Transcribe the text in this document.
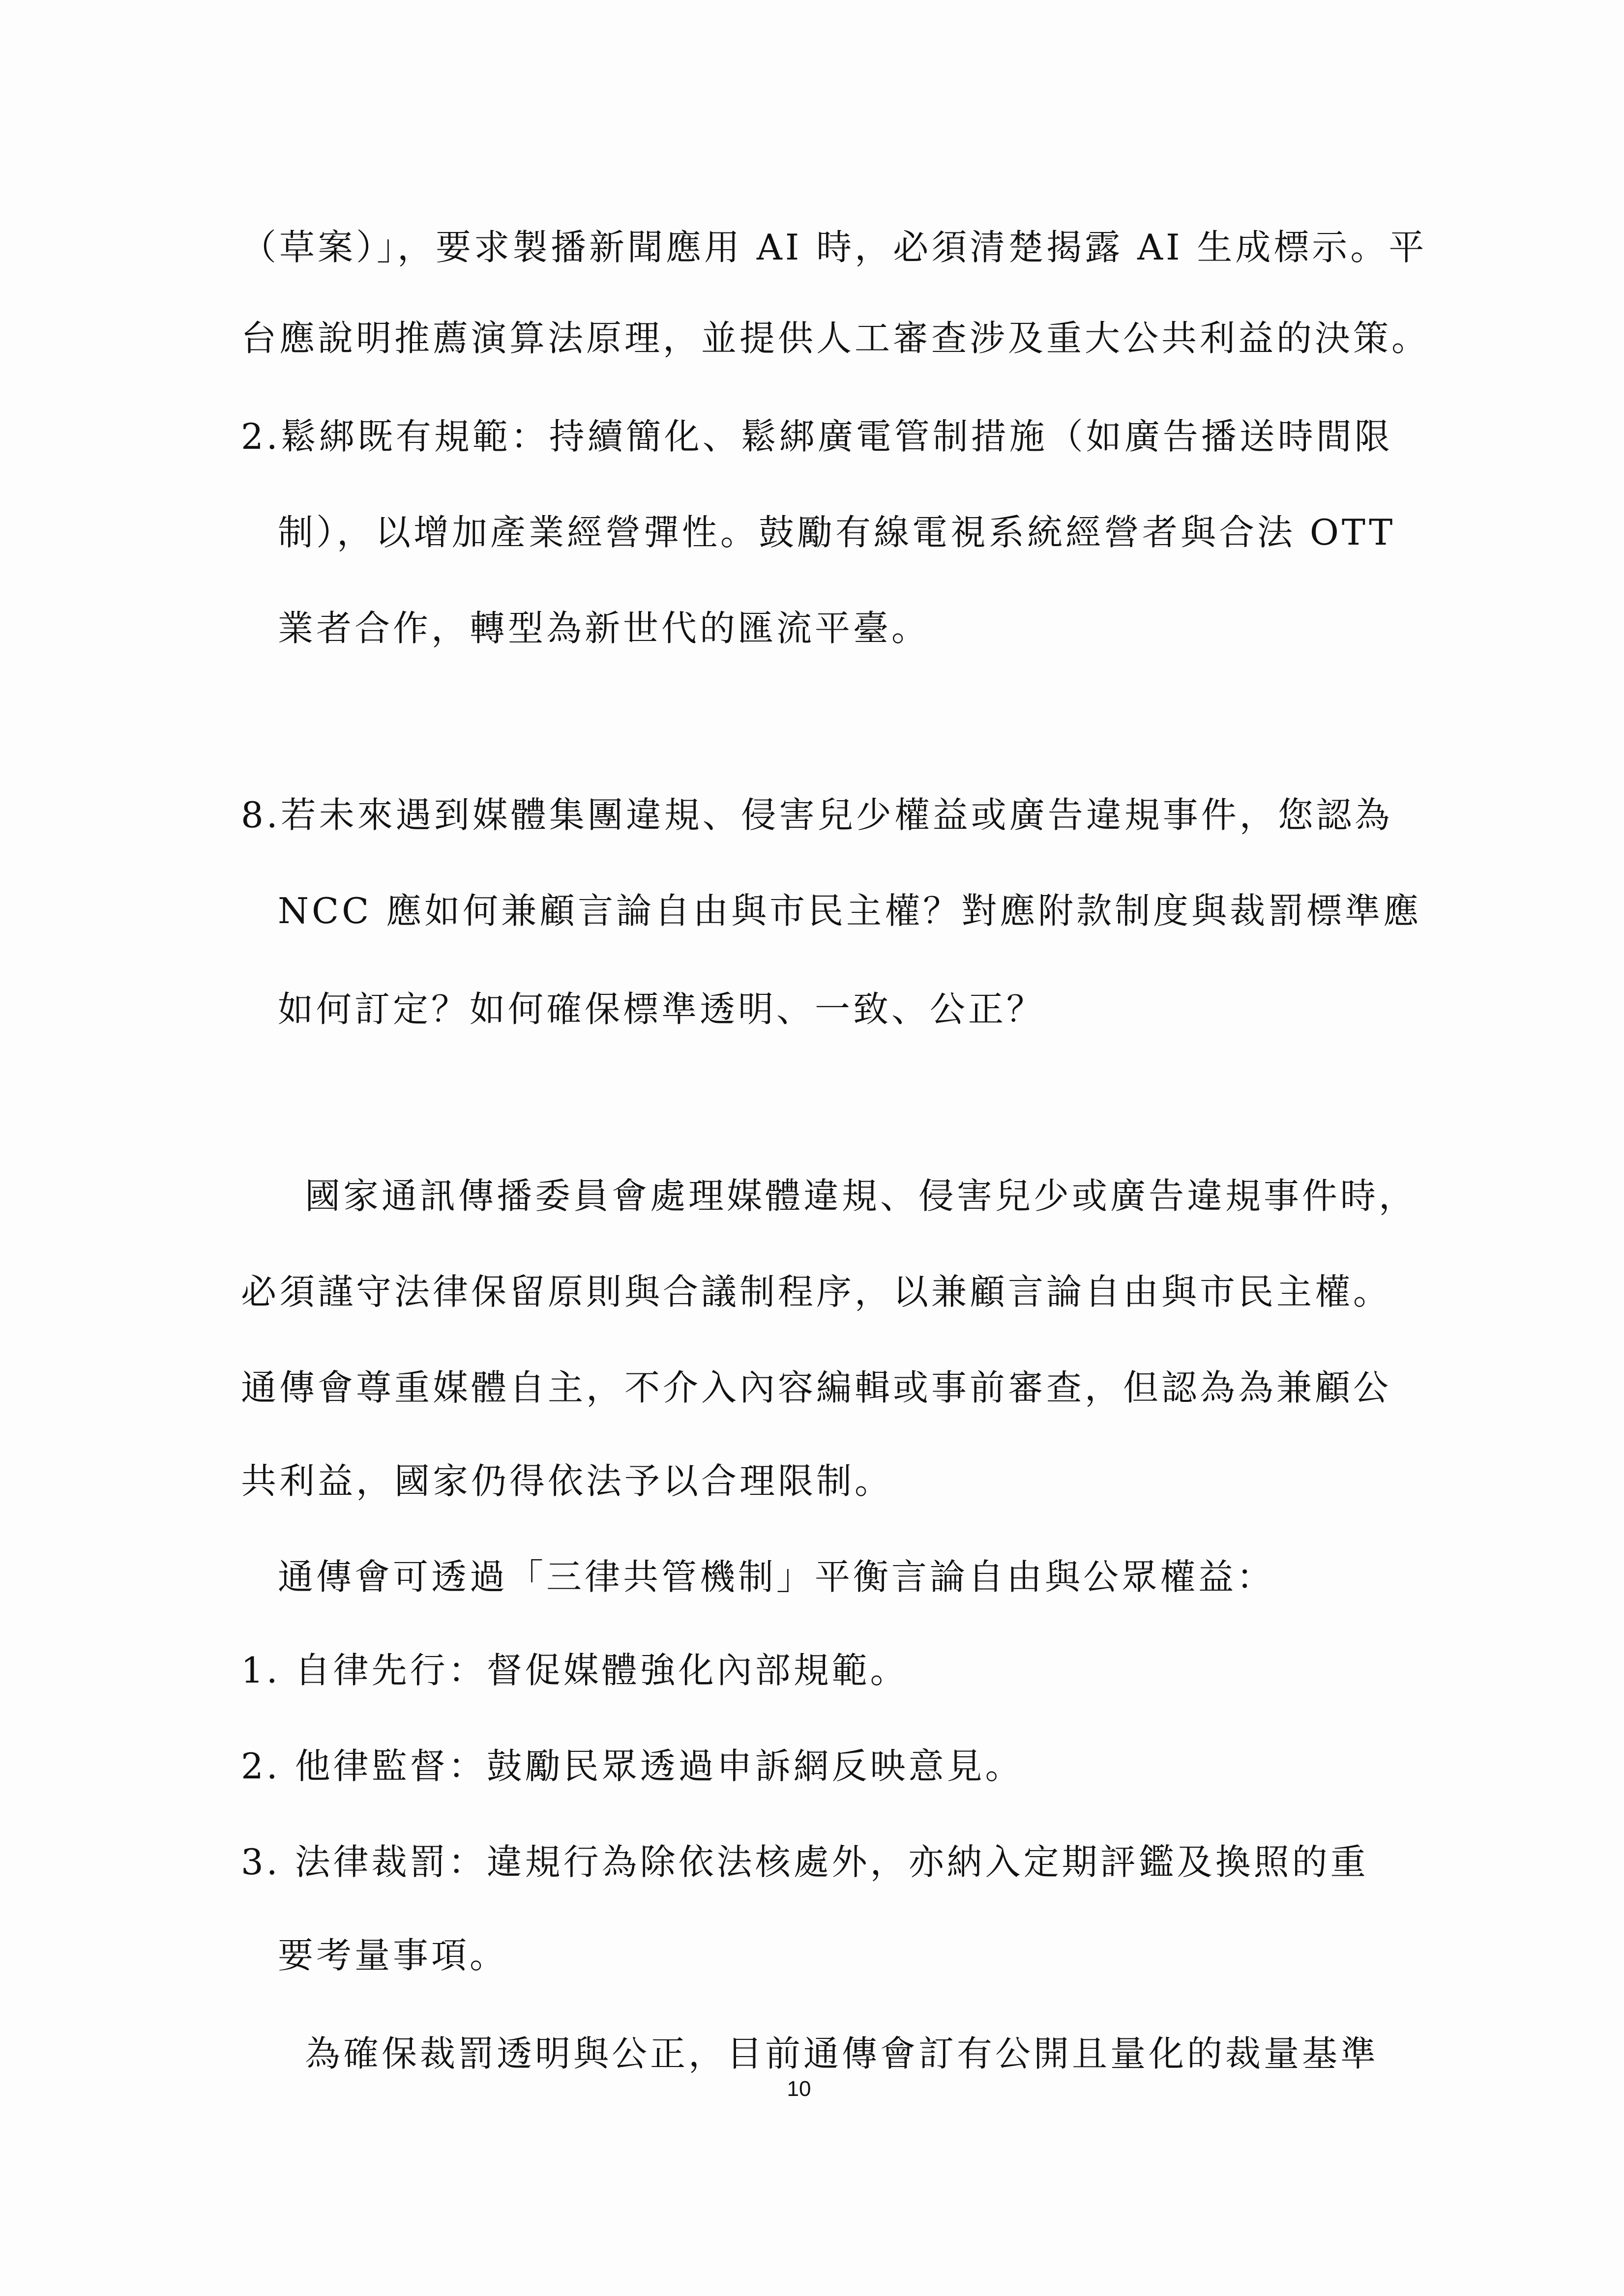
（草案）」，要求製播新聞應用 AI 時，必須清楚揭露 AI 生成標示。平
台應說明推薦演算法原理，並提供人工審查涉及重大公共利益的決策。
2.鬆綁既有規範：持續簡化、鬆綁廣電管制措施（如廣告播送時間限
制），以增加產業經營彈性。鼓勵有線電視系統經營者與合法 OTT
業者合作，轉型為新世代的匯流平臺。
8.若未來遇到媒體集團違規、侵害兒少權益或廣告違規事件，您認為
NCC 應如何兼顧言論自由與市民主權？對應附款制度與裁罰標準應
如何訂定？如何確保標準透明、一致、公正？
國家通訊傳播委員會處理媒體違規、侵害兒少或廣告違規事件時，
必須謹守法律保留原則與合議制程序，以兼顧言論自由與市民主權。
通傳會尊重媒體自主，不介入內容編輯或事前審查，但認為為兼顧公
共利益，國家仍得依法予以合理限制。
通傳會可透過「三律共管機制」平衡言論自由與公眾權益：
1. 自律先行：督促媒體強化內部規範。
2. 他律監督：鼓勵民眾透過申訴網反映意見。
3. 法律裁罰：違規行為除依法核處外，亦納入定期評鑑及換照的重
要考量事項。
為確保裁罰透明與公正，目前通傳會訂有公開且量化的裁量基準
10
